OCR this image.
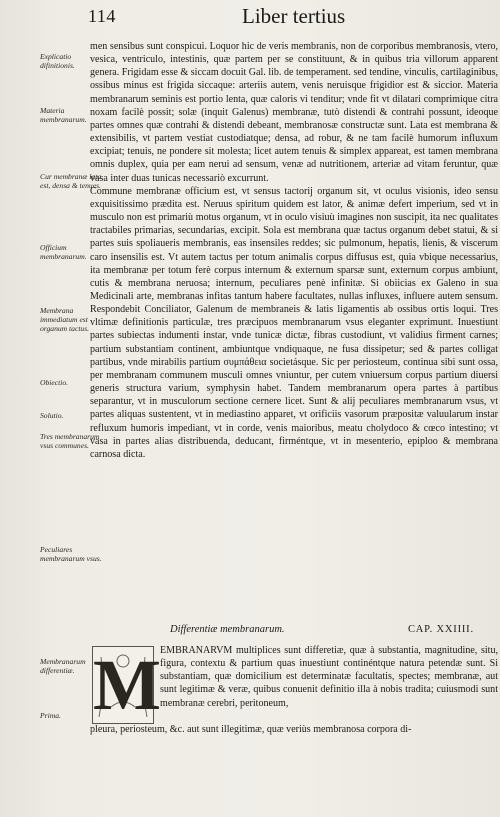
114	Liber tertius
Explicatio difinitionis.
Materia membranarum.
Cur membranæ lata est, densa & tenues.
Officium membranarum.
Membrana immediatum est organum tactus.
Obiectio.
Solutio.
Tres membranarum vsus communes.
Peculiares membranarum vsus.
Membranarum differentiæ.
Prima.

men sensibus sunt conspicui. Loquor hic de veris membranis, non de corporibus membranosis, vtero, vesica, ventriculo, intestinis, quæ partem per se constituunt, & in quibus tria villorum apparent genera. Frigidam esse & siccam docuit Gal. lib. de temperament. sed tendine, vinculis, cartilaginibus, ossibus minus est frigida siccaque: arteriis autem, venis neruisque frigidior est & siccior. Materia membranarum seminis est portio lenta, quæ caloris vi tenditur; vnde fit vt dilatari comprimique citra noxam facilè possit; solæ (inquit Galenus) membranæ, tutò distendi & contrahi possunt, ideoque partes omnes quæ contrahi & distendi debeant, membranosæ constructæ sunt. Lata est membrana & extensibilis, vt partem vestiat custodiatque; densa, ad robur, & ne tam facilè humorum influxum excipiat; tenuis, ne pondere sit molesta; licet autem tenuis & simplex appareat, est tamen membrana omnis duplex, quia per eam nerui ad sensum, venæ ad nutritionem, arteriæ ad vitam feruntur, quæ vasa inter duas tunicas necessariò excurrunt.

Commune membranæ officium est, vt sensus tactorij organum sit, vt oculus visionis, ideo sensu exquisitissimo prædita est. Neruus spiritum quidem est lator, & animæ defert imperium, sed vt in musculo non est primariù motus organum, vt in oculo visiuù imagines non suscipit, ita nec qualitates tractabiles primarias, secundarias, excipit. Sola est membrana quæ tactus organum debet statui, & si partes suis spoliaueris membranis, eas insensiles reddes; sic pulmonum, hepatis, lienis, & viscerum caro insensilis est. Vt autem tactus per totum animalis corpus diffusus est, quia vbique necessarius, ita membranæ per totum ferè corpus internum & externum sparsæ sunt, externum corpus ambiunt, cutis & membrana neruosa; internum, peculiares penè infinitæ. Si obiicias ex Galeno in sua Medicinali arte, membranas infitas tantum habere facultates, nullas influxes, influere autem sensum. Respondebit Conciliator, Galenum de membraneis & latis ligamentis ab ossibus ortis loqui. Tres vltimæ definitionis particulæ, tres præcipuos membranarum vsus eleganter exprimunt. Inuestiunt partes subiectas indumenti instar, vnde tunicæ dictæ, fibras custodiunt, vt validius firment carnes; partium substantiam continent, ambiuntque vndiquaque, ne fusa dissipetur; sed & partes colligat partibus, vnde mirabilis partium συμπάθεια societásque. Sic per periosteum, continua sibi sunt ossa, per membranam communem musculi omnes vniuntur, per cutem vniuersum corpus partium diuersi generis structura varium, symphysin habet. Tandem membranarum opera partes à partibus separantur, vt in musculorum sectione cernere licet. Sunt & alij peculiares membranarum vsus, vt partes aliquas sustentent, vt in mediastino apparet, vt orificiis vasorum præpositæ valuularum instar refluxum humoris impediant, vt in corde, venis maioribus, meatu cholydoco & cœco intestino; vt vasa in partes alias distribuenda, deducant, firméntque, vt in mesenterio, epiploo & membrana carnosa dicta.

Differentiæ membranarum.	CAP. XXIIII.
M EMBRANARVM multiplices sunt differetiæ, quæ à substantia, magnitudine, situ, figura, contextu & partium quas inuestiunt continéntque natura petendæ sunt. Si substantiam, quæ domicilium est determinatæ facultatis, spectes; membranæ, aut sunt legitimæ & veræ, quibus conuenit definitio illa à nobis tradita; cuiusmodi sunt membranæ cerebri, peritoneum,
pleura, periosteum, &c. aut sunt illegitimæ, quæ veriùs membranosa corpora di-
